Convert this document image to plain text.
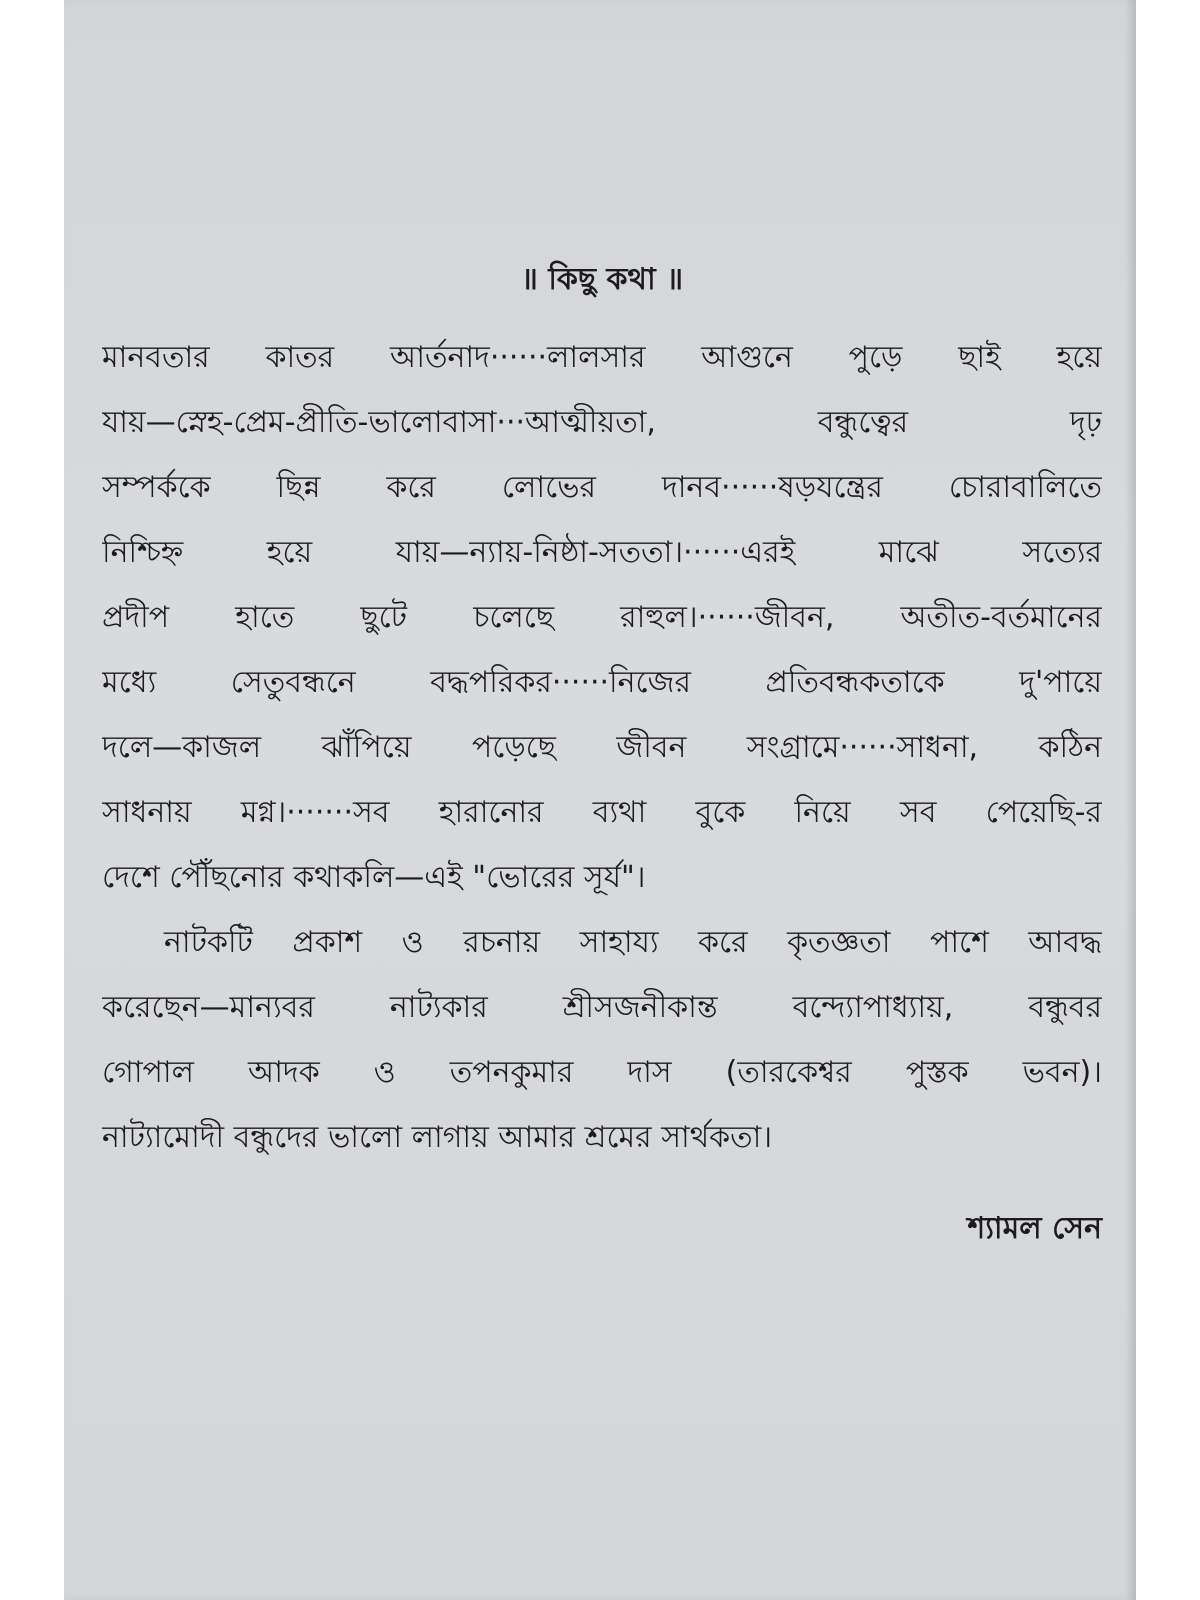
॥ কিছু কথা ॥
মানবতার কাতর আর্তনাদ······লালসার আগুনে পুড়ে ছাই হয়ে
যায়—স্নেহ-প্রেম-প্রীতি-ভালোবাসা···আত্মীয়তা, বন্ধুত্বের দৃঢ়
সম্পর্ককে ছিন্ন করে লোভের দানব······ষড়যন্ত্রের চোরাবালিতে
নিশ্চিহ্ন হয়ে যায়—ন্যায়-নিষ্ঠা-সততা।······এরই মাঝে সত্যের
প্রদীপ হাতে ছুটে চলেছে রাহুল।······জীবন, অতীত-বর্তমানের
মধ্যে সেতুবন্ধনে বদ্ধপরিকর······নিজের প্রতিবন্ধকতাকে দু'পায়ে
দলে—কাজল ঝাঁপিয়ে পড়েছে জীবন সংগ্রামে······সাধনা, কঠিন
সাধনায় মগ্ন।·······সব হারানোর ব্যথা বুকে নিয়ে সব পেয়েছি-র
দেশে পৌঁছনোর কথাকলি—এই "ভোরের সূর্য"।
নাটকটি প্রকাশ ও রচনায় সাহায্য করে কৃতজ্ঞতা পাশে আবদ্ধ
করেছেন—মান্যবর নাট্যকার শ্রীসজনীকান্ত বন্দ্যোপাধ্যায়, বন্ধুবর
গোপাল আদক ও তপনকুমার দাস (তারকেশ্বর পুস্তক ভবন)।
নাট্যামোদী বন্ধুদের ভালো লাগায় আমার শ্রমের সার্থকতা।
শ্যামল সেন
